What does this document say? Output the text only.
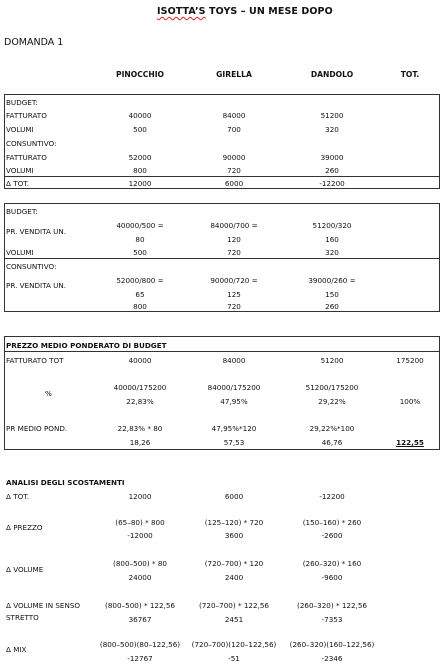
ISOTTA’S TOYS – UN MESE DOPO
DOMANDA 1
PINOCCHIO	GIRELLA	DANDOLO	TOT.
BUDGET:
FATTURATO	40000	84000	51200
VOLUMI	500	700	320
CONSUNTIVO:
FATTURATO	52000	90000	39000
VOLUMI	800	720	260
Δ TOT.	12000	6000	-12200
BUDGET:
PR. VENDITA UN.
40000/500 =	84000/700 =	51200/320
80	120	160
VOLUMI	500	720	320
CONSUNTIVO:
PR. VENDITA UN.
52000/800 =	90000/720 =	39000/260 =
65	125	150
800	720	260
PREZZO MEDIO PONDERATO DI BUDGET
FATTURATO TOT	40000	84000	51200	175200
%
40000/175200	84000/175200	51200/175200
22,83%	47,95%	29,22%	100%
PR MEDIO POND.	22,83% * 80	47,95%*120	29,22%*100
18,26	57,53	46,76	122,55
ANALISI DEGLI SCOSTAMENTI
Δ TOT.	12000	6000	-12200
Δ PREZZO
(65–80) * 800	(125–120) * 720	(150–160) * 260
-12000	3600	-2600
Δ VOLUME
(800–500) * 80	(720–700) * 120	(260–320) * 160
24000	2400	-9600
Δ VOLUME IN SENSO
STRETTO
(800–500) * 122,56	(720–700) * 122,56	(260–320) * 122,56
36767	2451	-7353
Δ MIX
(800–500)(80–122,56) (720–700)(120–122,56) (260–320)(160–122,56)
-12767	-51	-2346
